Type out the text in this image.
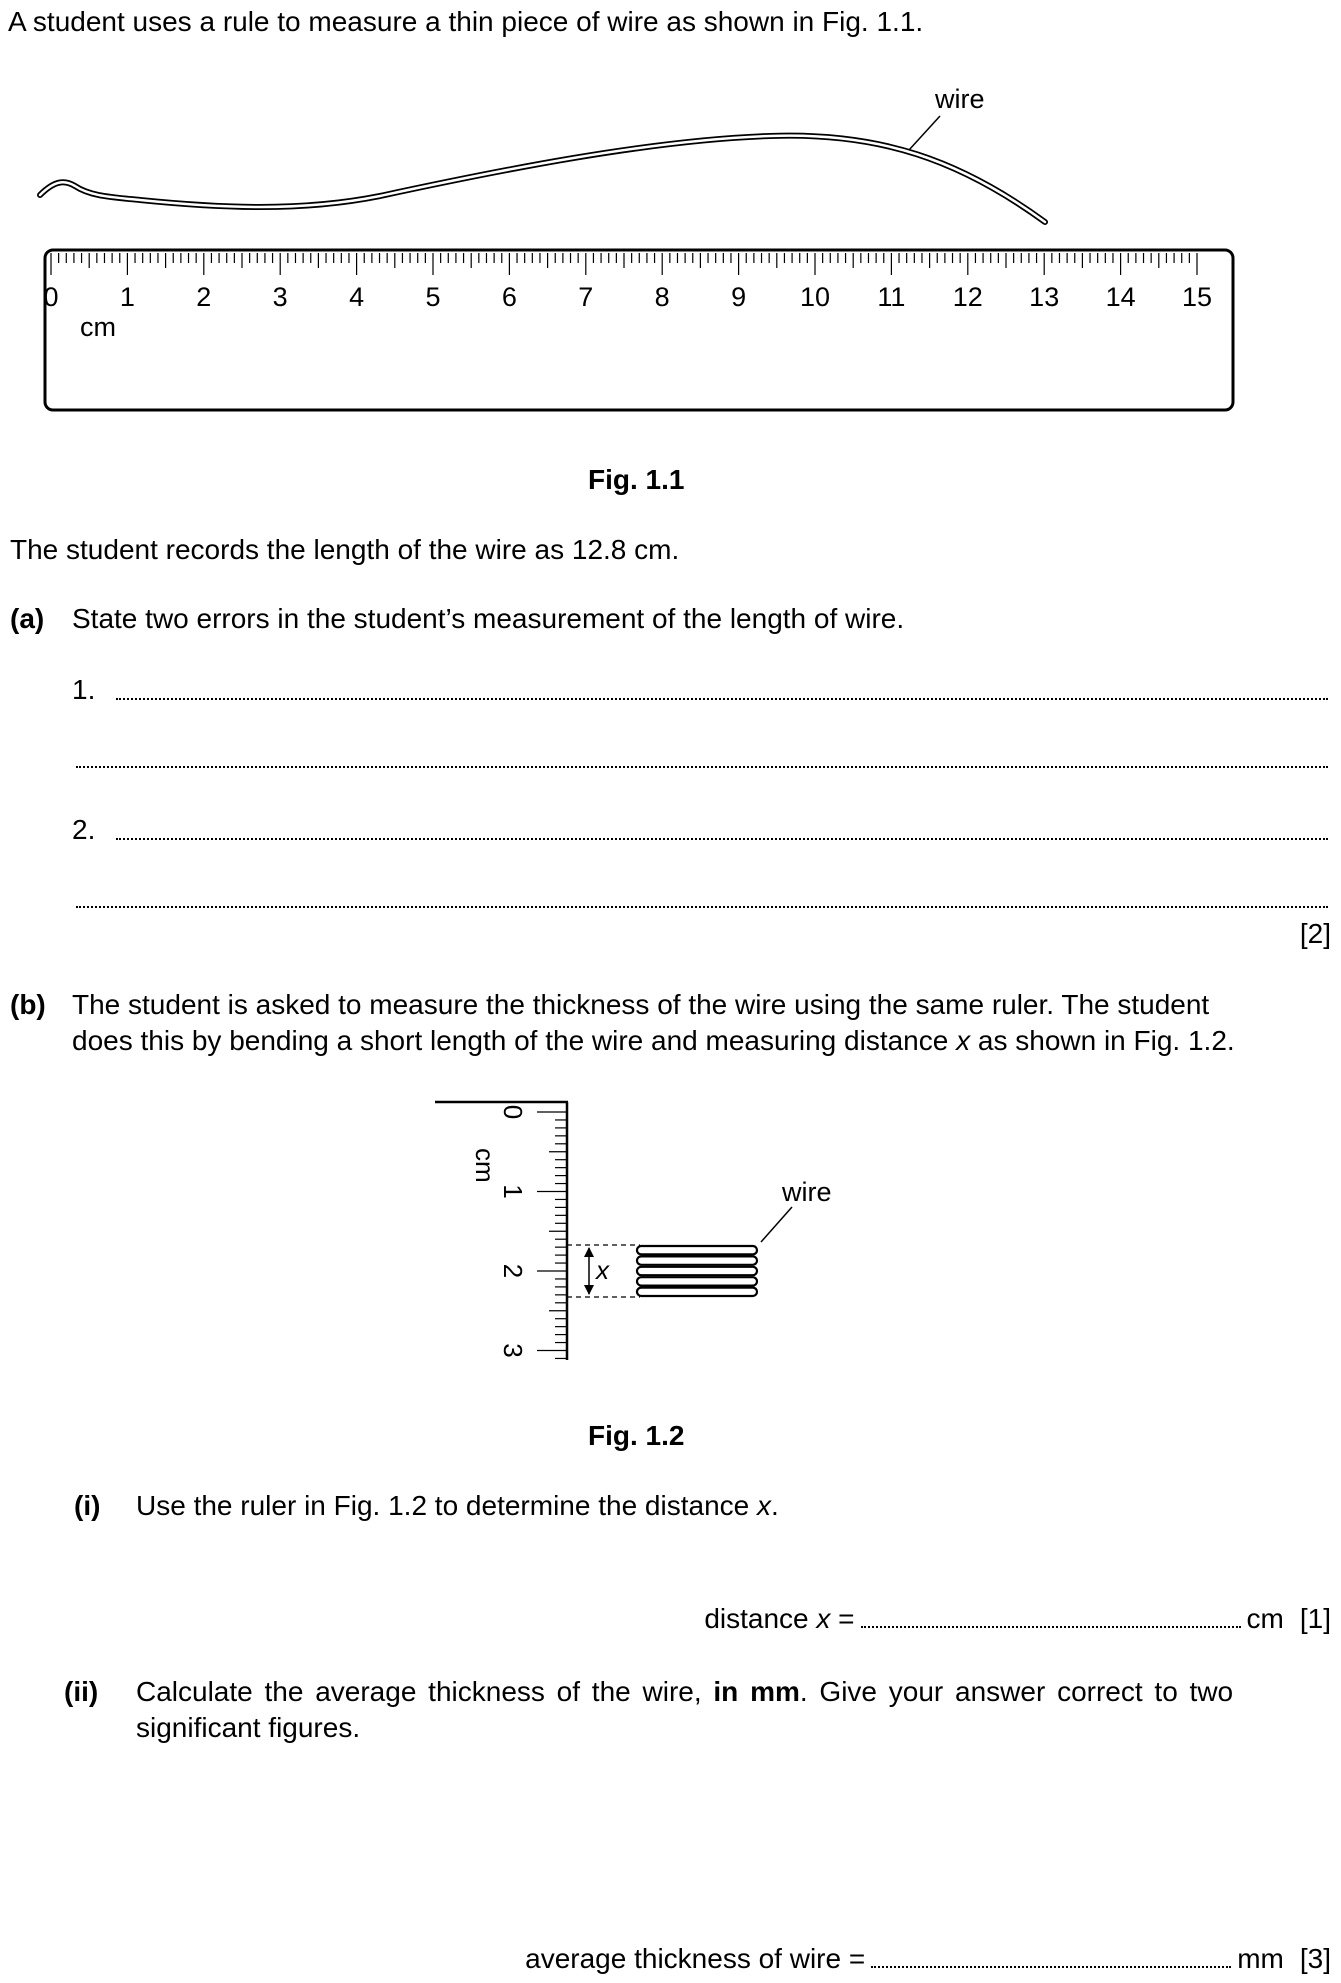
A student uses a rule to measure a thin piece of wire as shown in Fig. 1.1.
wire
0 1 2 3 4 5 6 7 8 9 10 11 12 13 14 15
cm
Fig. 1.1
The student records the length of the wire as 12.8 cm.
(a) State two errors in the student’s measurement of the length of wire.
1.
2.
[2]
(b) The student is asked to measure the thickness of the wire using the same ruler. The student
does this by bending a short length of the wire and measuring distance x as shown in Fig. 1.2.
0
1
2
3
cm
x
wire
Fig. 1.2
(i) Use the ruler in Fig. 1.2 to determine the distance x.
distance x =	cm [1]
(ii) Calculate the average thickness of the wire, in mm. Give your answer correct to two
significant figures.
average thickness of wire =	mm [3]
